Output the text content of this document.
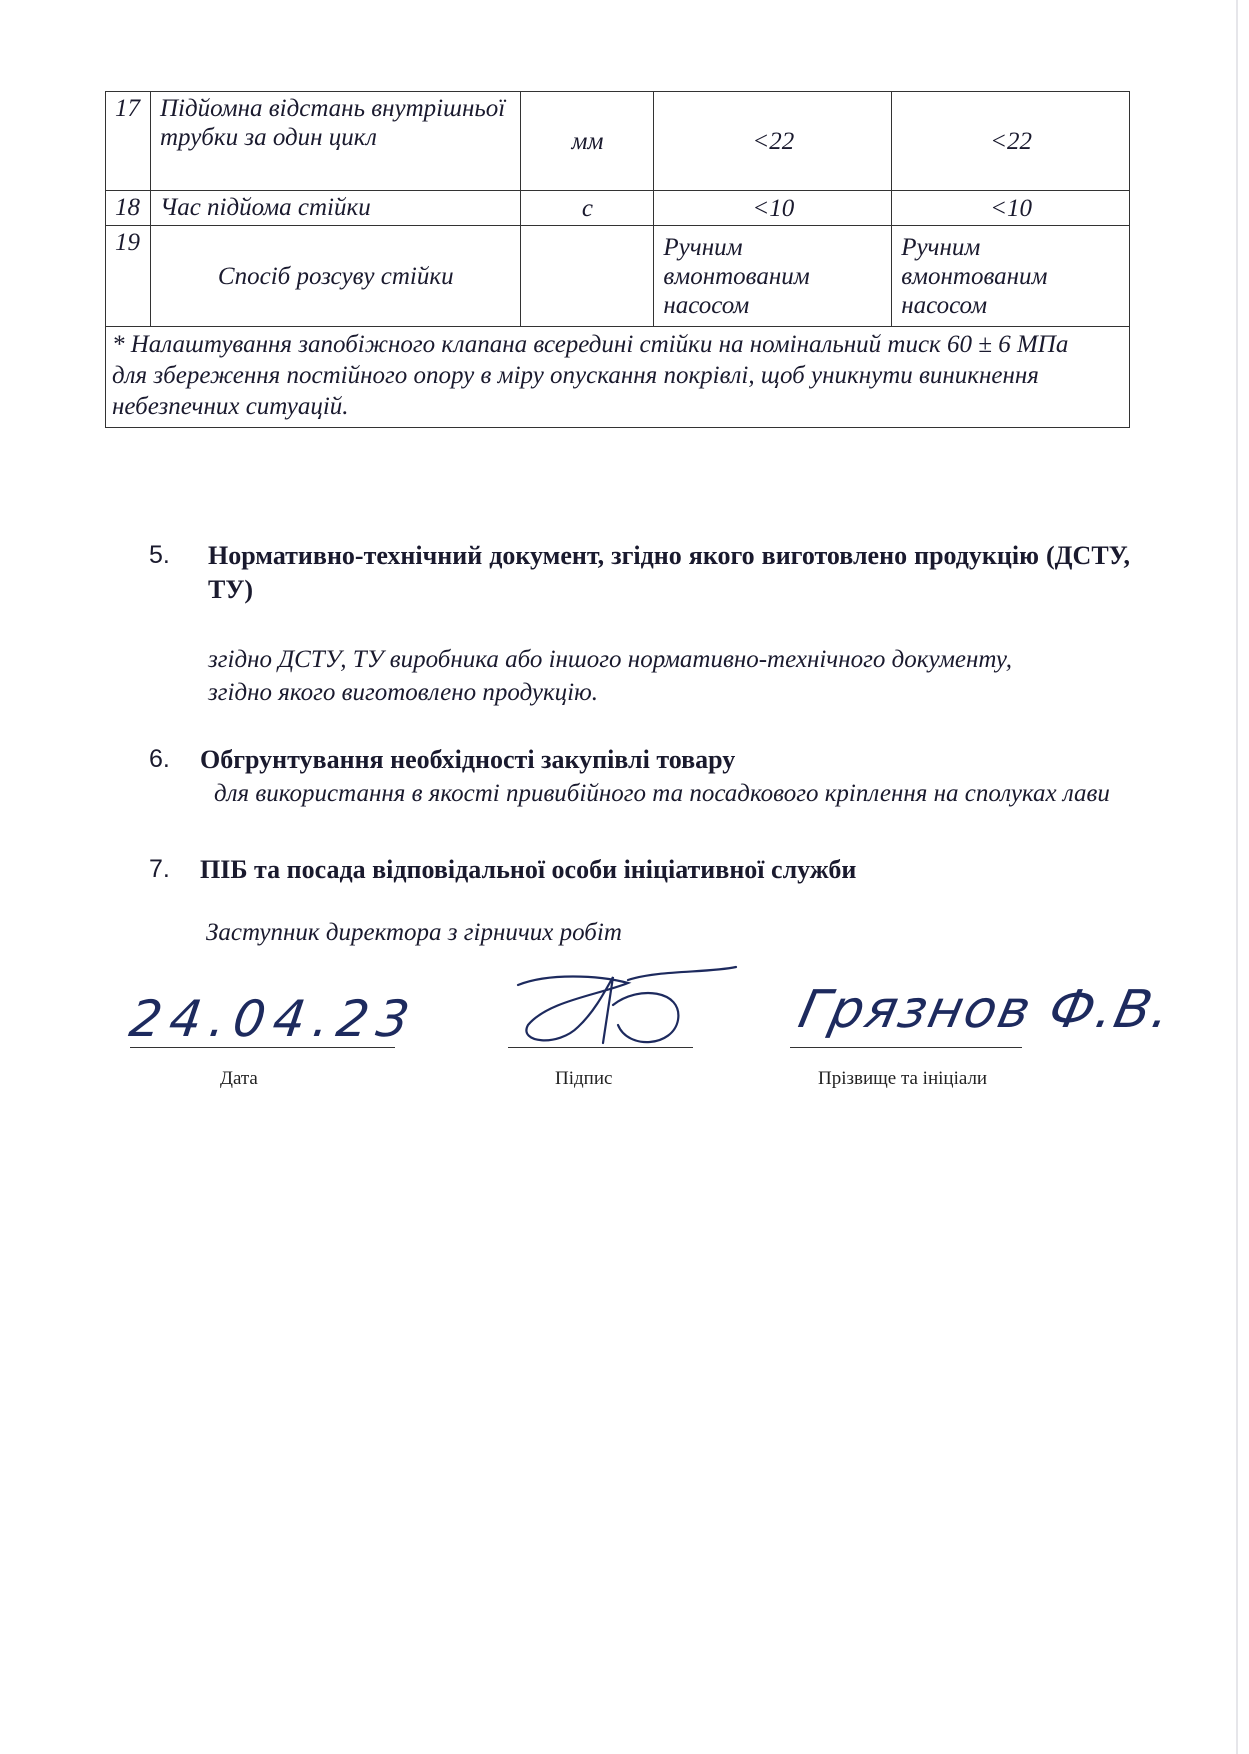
17	Підйомна відстань внутрішньої трубки за один цикл	мм	<22	<22
18	Час підйома стійки	с	<10	<10
19	Спосіб розсуву стійки		Ручним вмонтованим насосом	Ручним вмонтованим насосом
* Налаштування запобіжного клапана всередині стійки на номінальний тиск 60 ± 6 МПа для збереження постійного опору в міру опускання покрівлі, щоб уникнути виникнення небезпечних ситуацій.				
5. Нормативно-технічний документ, згідно якого виготовлено продукцію (ДСТУ, ТУ)
згідно ДСТУ, ТУ виробника або іншого нормативно-технічного документу, згідно якого виготовлено продукцію.
6. Обгрунтування необхідності закупівлі товару
для використання в якості привибійного та посадкового кріплення на сполуках лави
7. ПІБ та посада відповідальної особи ініціативної служби
Заступник директора з гірничих робіт
24.04.23
Дата	Підпис
Грязнов Ф.В.
Прізвище та ініціали
